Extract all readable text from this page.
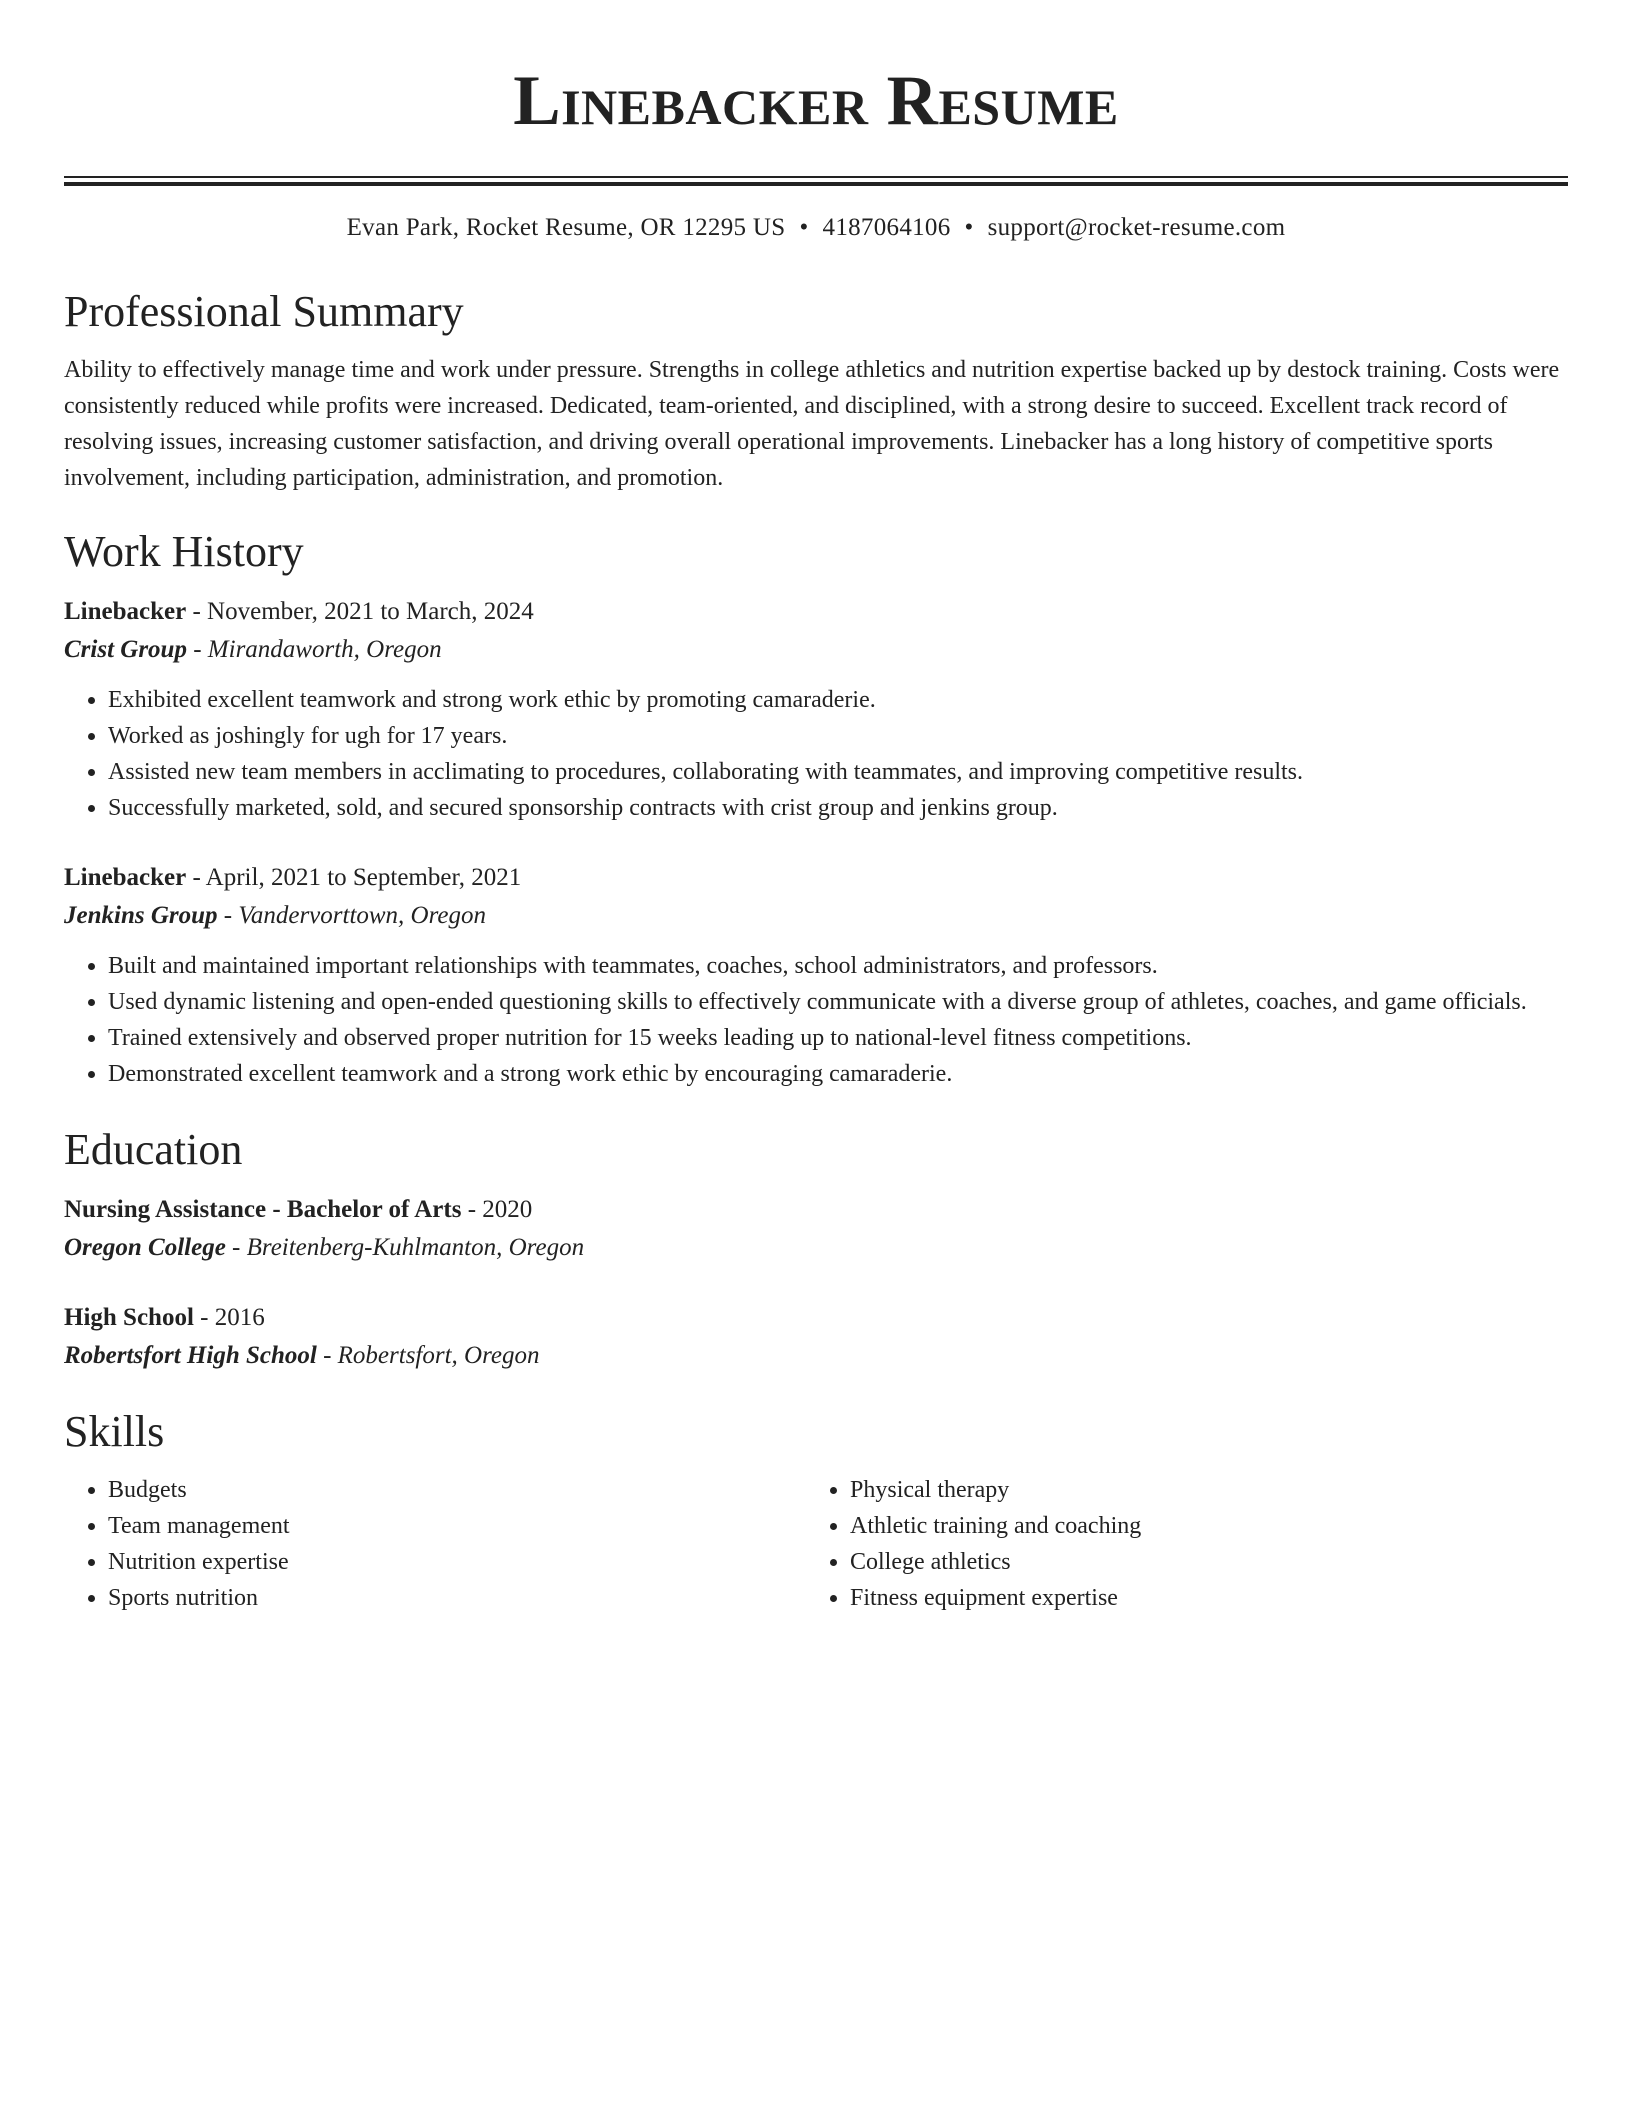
Linebacker Resume
Evan Park, Rocket Resume, OR 12295 US • 4187064106 • support@rocket-resume.com
Professional Summary

Ability to effectively manage time and work under pressure. Strengths in college athletics and nutrition expertise backed up by destock training. Costs were consistently reduced while profits were increased. Dedicated, team-oriented, and disciplined, with a strong desire to succeed. Excellent track record of resolving issues, increasing customer satisfaction, and driving overall operational improvements. Linebacker has a long history of competitive sports involvement, including participation, administration, and promotion.

Work History

Linebacker - November, 2021 to March, 2024

Crist Group - Mirandaworth, Oregon

• Exhibited excellent teamwork and strong work ethic by promoting camaraderie.
• Worked as joshingly for ugh for 17 years.
• Assisted new team members in acclimating to procedures, collaborating with teammates, and improving competitive results.
• Successfully marketed, sold, and secured sponsorship contracts with crist group and jenkins group.

Linebacker - April, 2021 to September, 2021

Jenkins Group - Vandervorttown, Oregon

• Built and maintained important relationships with teammates, coaches, school administrators, and professors.
• Used dynamic listening and open-ended questioning skills to effectively communicate with a diverse group of athletes, coaches, and game officials.
• Trained extensively and observed proper nutrition for 15 weeks leading up to national-level fitness competitions.
• Demonstrated excellent teamwork and a strong work ethic by encouraging camaraderie.
Education

Nursing Assistance - Bachelor of Arts - 2020

Oregon College - Breitenberg-Kuhlmanton, Oregon

High School - 2016

Robertsfort High School - Robertsfort, Oregon

Skills
• Budgets
• Team management
• Nutrition expertise
• Sports nutrition
• Physical therapy
• Athletic training and coaching
• College athletics
• Fitness equipment expertise
